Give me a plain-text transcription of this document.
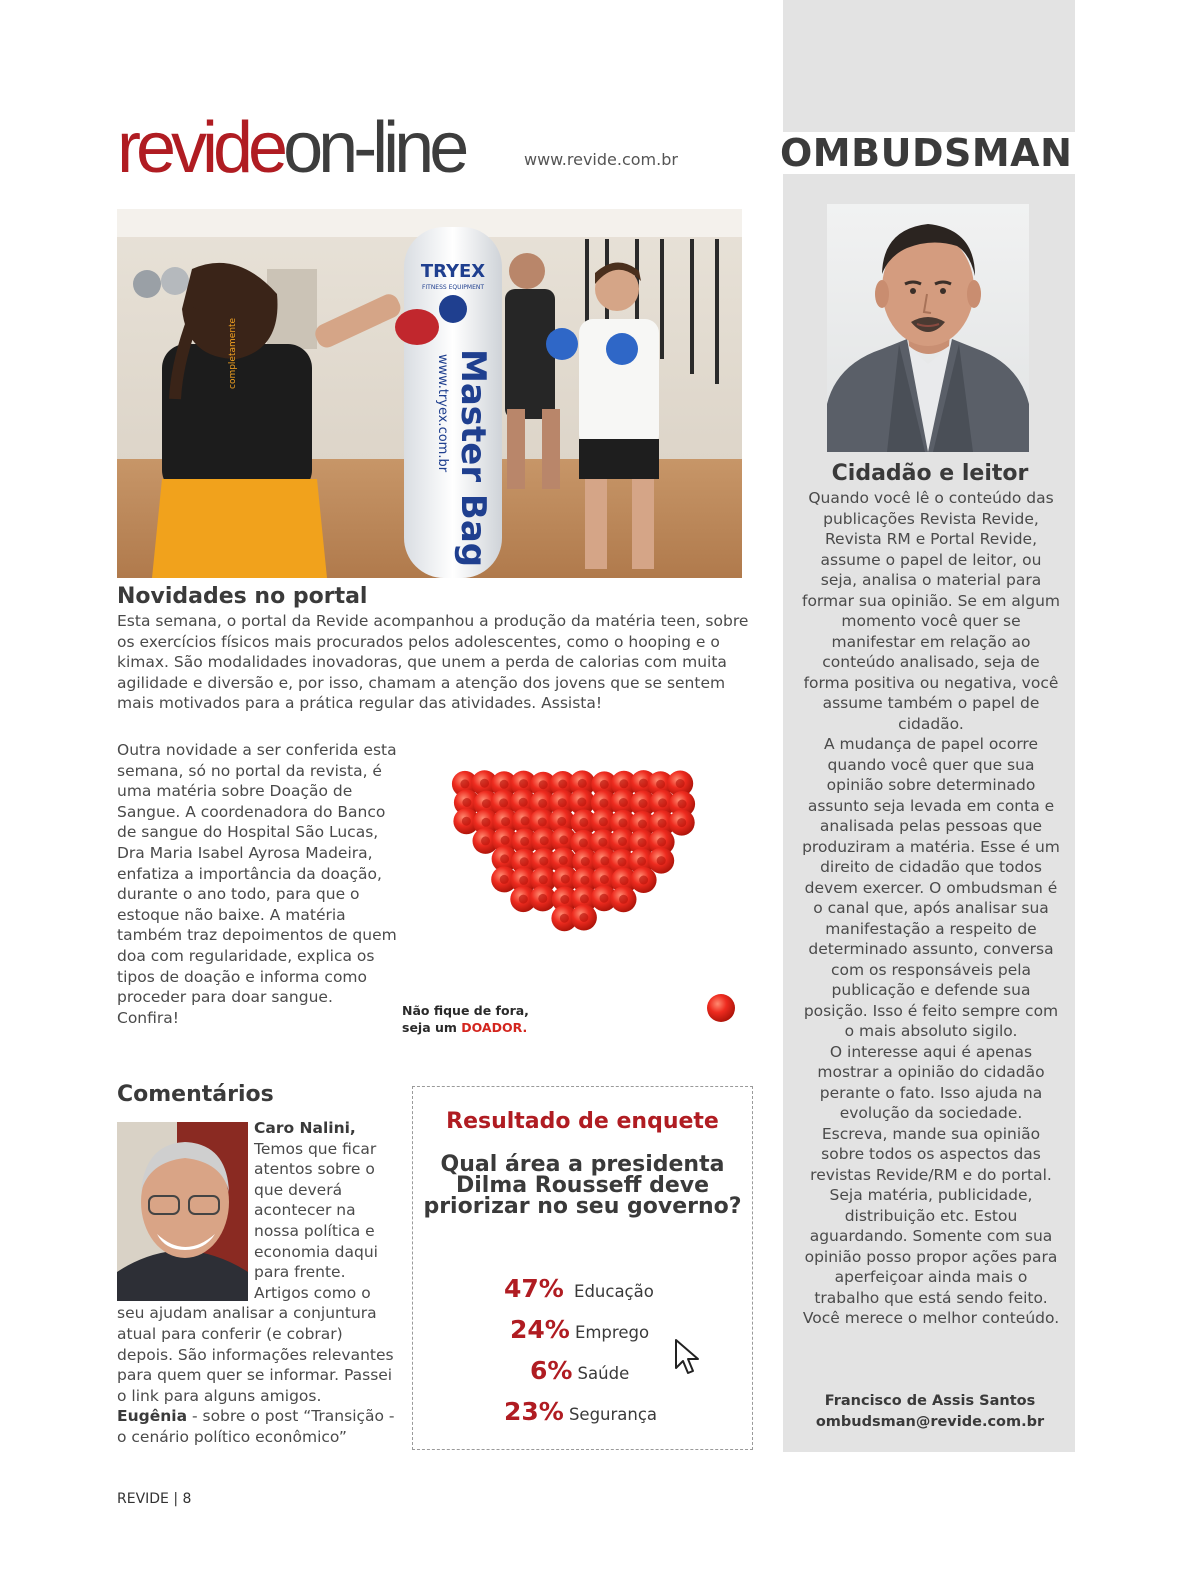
revideon-line	www.revide.com.br	OMBUDSMAN
Cidadão e leitor

Quando você lê o conteúdo das publicações Revista Revide, Revista RM e Portal Revide, assume o papel de leitor, ou seja, analisa o material para formar sua opinião. Se em algum momento você quer se manifestar em relação ao conteúdo analisado, seja de forma positiva ou negativa, você assume também o papel de cidadão.

A mudança de papel ocorre quando você quer que sua opinião sobre determinado assunto seja levada em conta e analisada pelas pessoas que produziram a matéria. Esse é um direito de cidadão que todos devem exercer. O ombudsman é o canal que, após analisar sua manifestação a respeito de determinado assunto, conversa com os responsáveis pela publicação e defende sua posição. Isso é feito sempre com o mais absoluto sigilo.

O interesse aqui é apenas mostrar a opinião do cidadão perante o fato. Isso ajuda na evolução da sociedade.

Escreva, mande sua opinião sobre todos os aspectos das revistas Revide/RM e do portal. Seja matéria, publicidade, distribuição etc. Estou aguardando. Somente com sua opinião posso propor ações para aperfeiçoar ainda mais o trabalho que está sendo feito. Você merece o melhor conteúdo.

Francisco de Assis Santos
ombudsman@revide.com.br
TRYEX
FITNESS EQUIPMENT
Master Bag
www.tryex.com.br
completamente
Novidades no portal
Esta semana, o portal da Revide acompanhou a produção da matéria teen, sobre os exercícios físicos mais procurados pelos adolescentes, como o hooping e o kimax. São modalidades inovadoras, que unem a perda de calorias com muita agilidade e diversão e, por isso, chamam a atenção dos jovens que se sentem mais motivados para a prática regular das atividades. Assista!
Outra novidade a ser conferida esta semana, só no portal da revista, é uma matéria sobre Doação de Sangue. A coordenadora do Banco de sangue do Hospital São Lucas, Dra Maria Isabel Ayrosa Madeira, enfatiza a importância da doação, durante o ano todo, para que o estoque não baixe. A matéria também traz depoimentos de quem doa com regularidade, explica os tipos de doação e informa como proceder para doar sangue. Confira!	Não fique de fora,
seja um DOADOR.
Comentários
Caro Nalini,
Temos que ficar atentos sobre o que deverá acontecer na nossa política e economia daqui para frente. Artigos como o seu ajudam analisar a conjuntura atual para conferir (e cobrar) depois. São informações relevantes para quem quer se informar. Passei o link para alguns amigos.
Eugênia - sobre o post “Transição - o cenário político econômico”
Resultado de enquete
Qual área a presidenta Dilma Rousseff deve priorizar no seu governo?
47% Educação
24% Emprego
6% Saúde
23% Segurança
REVIDE | 8
